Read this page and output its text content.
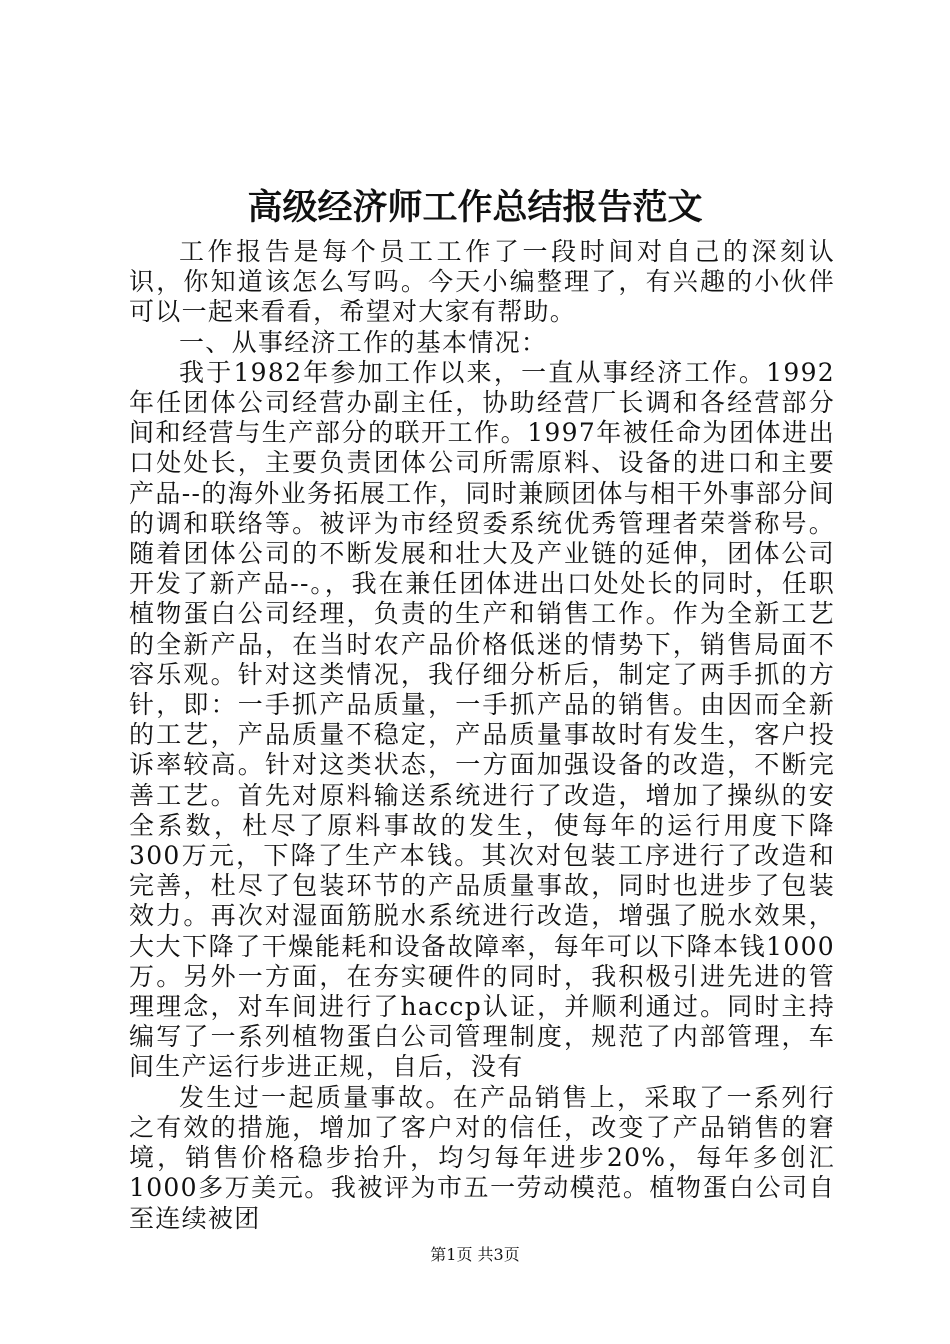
高级经济师工作总结报告范文

工作报告是每个员工工作了一段时间对自己的深刻认识，你知道该怎么写吗。今天小编整理了，有兴趣的小伙伴可以一起来看看，希望对大家有帮助。

一、从事经济工作的基本情况：

我于1982年参加工作以来，一直从事经济工作。1992年任团体公司经营办副主任，协助经营厂长调和各经营部分间和经营与生产部分的联开工作。1997年被任命为团体进出口处处长，主要负责团体公司所需原料、设备的进口和主要产品--的海外业务拓展工作，同时兼顾团体与相干外事部分间的调和联络等。被评为市经贸委系统优秀管理者荣誉称号。随着团体公司的不断发展和壮大及产业链的延伸，团体公司开发了新产品--。，我在兼任团体进出口处处长的同时，任职植物蛋白公司经理，负责的生产和销售工作。作为全新工艺的全新产品，在当时农产品价格低迷的情势下，销售局面不容乐观。针对这类情况，我仔细分析后，制定了两手抓的方针，即：一手抓产品质量，一手抓产品的销售。由因而全新的工艺，产品质量不稳定，产品质量事故时有发生，客户投诉率较高。针对这类状态，一方面加强设备的改造，不断完善工艺。首先对原料输送系统进行了改造，增加了操纵的安全系数，杜尽了原料事故的发生，使每年的运行用度下降300万元，下降了生产本钱。其次对包装工序进行了改造和完善，杜尽了包装环节的产品质量事故，同时也进步了包装效力。再次对湿面筋脱水系统进行改造，增强了脱水效果，大大下降了干燥能耗和设备故障率，每年可以下降本钱1000万。另外一方面，在夯实硬件的同时，我积极引进先进的管理理念，对车间进行了haccp认证，并顺利通过。同时主持编写了一系列植物蛋白公司管理制度，规范了内部管理，车间生产运行步进正规，自后，没有

发生过一起质量事故。在产品销售上，采取了一系列行之有效的措施，增加了客户对的信任，改变了产品销售的窘境，销售价格稳步抬升，均匀每年进步20%，每年多创汇1000多万美元。我被评为市五一劳动模范。植物蛋白公司自至连续被团

第1页 共3页
